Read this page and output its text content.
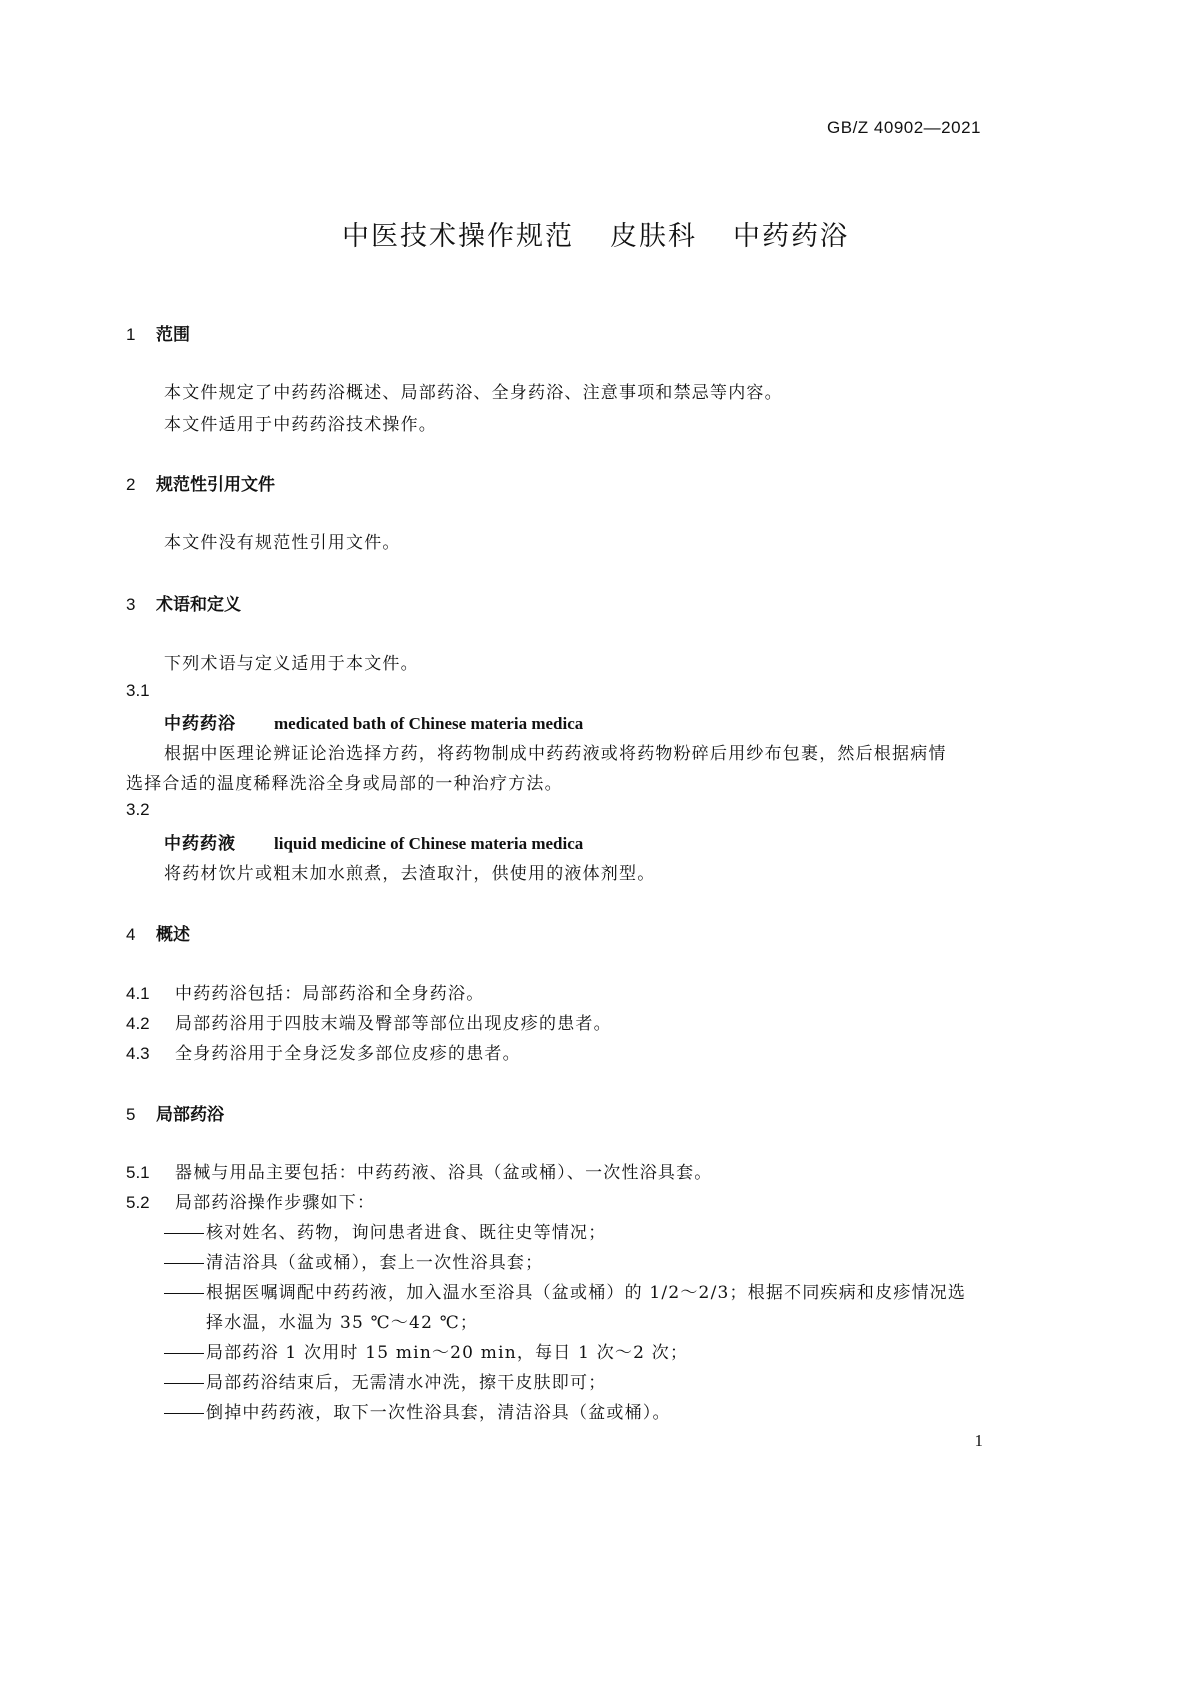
GB/Z 40902—2021
中医技术操作规范 皮肤科 中药药浴
1 范围
本文件规定了中药药浴概述、局部药浴、全身药浴、注意事项和禁忌等内容。
本文件适用于中药药浴技术操作。
2 规范性引用文件
本文件没有规范性引用文件。
3 术语和定义
下列术语与定义适用于本文件。
3.1
中药药浴 medicated bath of Chinese materia medica
根据中医理论辨证论治选择方药，将药物制成中药药液或将药物粉碎后用纱布包裹，然后根据病情
选择合适的温度稀释洗浴全身或局部的一种治疗方法。
3.2
中药药液 liquid medicine of Chinese materia medica
将药材饮片或粗末加水煎煮，去渣取汁，供使用的液体剂型。
4 概述
4.1 中药药浴包括：局部药浴和全身药浴。
4.2 局部药浴用于四肢末端及臀部等部位出现皮疹的患者。
4.3 全身药浴用于全身泛发多部位皮疹的患者。
5 局部药浴
5.1 器械与用品主要包括：中药药液、浴具（盆或桶）、一次性浴具套。
5.2 局部药浴操作步骤如下：
核对姓名、药物，询问患者进食、既往史等情况；
清洁浴具（盆或桶），套上一次性浴具套；
根据医嘱调配中药药液，加入温水至浴具（盆或桶）的 1/2～2/3；根据不同疾病和皮疹情况选
择水温，水温为 35 ℃～42 ℃；
局部药浴 1 次用时 15 min～20 min，每日 1 次～2 次；
局部药浴结束后，无需清水冲洗，擦干皮肤即可；
倒掉中药药液，取下一次性浴具套，清洁浴具（盆或桶）。
1
